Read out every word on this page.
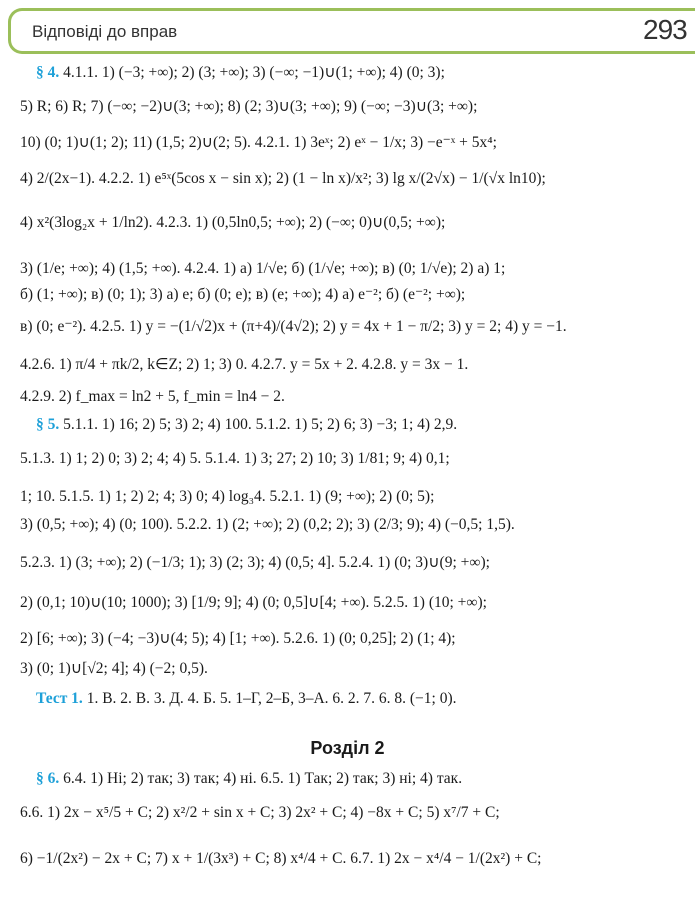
Відповіді до вправ	293
§ 4. 4.1.1. 1) (−3; +∞); 2) (3; +∞); 3) (−∞; −1)∪(1; +∞); 4) (0; 3);
5) R; 6) R; 7) (−∞; −2)∪(3; +∞); 8) (2; 3)∪(3; +∞); 9) (−∞; −3)∪(3; +∞);
10) (0; 1)∪(1; 2); 11) (1,5; 2)∪(2; 5). 4.2.1. 1) 3eˣ; 2) eˣ − 1/x; 3) −e⁻ˣ + 5x⁴;
4) 2/(2x−1). 4.2.2. 1) e⁵ˣ(5cos x − sin x); 2) (1 − ln x)/x²; 3) lg x/(2√x) − 1/(√x ln10);
4) x²(3log₂x + 1/ln2). 4.2.3. 1) (0,5ln0,5; +∞); 2) (−∞; 0)∪(0,5; +∞);
3) (1/e; +∞); 4) (1,5; +∞). 4.2.4. 1) а) 1/√e; б) (1/√e; +∞); в) (0; 1/√e); 2) а) 1;
б) (1; +∞); в) (0; 1); 3) а) e; б) (0; e); в) (e; +∞); 4) а) e⁻²; б) (e⁻²; +∞);
в) (0; e⁻²). 4.2.5. 1) y = −(1/√2)x + (π+4)/(4√2); 2) y = 4x + 1 − π/2; 3) y = 2; 4) y = −1.
4.2.6. 1) π/4 + πk/2, k∈Z; 2) 1; 3) 0. 4.2.7. y = 5x + 2. 4.2.8. y = 3x − 1.
4.2.9. 2) f_max = ln2 + 5, f_min = ln4 − 2.
§ 5. 5.1.1. 1) 16; 2) 5; 3) 2; 4) 100. 5.1.2. 1) 5; 2) 6; 3) −3; 1; 4) 2,9.
5.1.3. 1) 1; 2) 0; 3) 2; 4; 4) 5. 5.1.4. 1) 3; 27; 2) 10; 3) 1/81; 9; 4) 0,1;
1; 10. 5.1.5. 1) 1; 2) 2; 4; 3) 0; 4) log₃4. 5.2.1. 1) (9; +∞); 2) (0; 5);
3) (0,5; +∞); 4) (0; 100). 5.2.2. 1) (2; +∞); 2) (0,2; 2); 3) (2/3; 9); 4) (−0,5; 1,5).
5.2.3. 1) (3; +∞); 2) (−1/3; 1); 3) (2; 3); 4) (0,5; 4]. 5.2.4. 1) (0; 3)∪(9; +∞);
2) (0,1; 10)∪(10; 1000); 3) [1/9; 9]; 4) (0; 0,5]∪[4; +∞). 5.2.5. 1) (10; +∞);
2) [6; +∞); 3) (−4; −3)∪(4; 5); 4) [1; +∞). 5.2.6. 1) (0; 0,25]; 2) (1; 4);
3) (0; 1)∪[√2; 4]; 4) (−2; 0,5).
Тест 1. 1. В. 2. В. 3. Д. 4. Б. 5. 1–Г, 2–Б, 3–А. 6. 2. 7. 6. 8. (−1; 0).
Розділ 2
§ 6. 6.4. 1) Ні; 2) так; 3) так; 4) ні. 6.5. 1) Так; 2) так; 3) ні; 4) так.
6.6. 1) 2x − x⁵/5 + C; 2) x²/2 + sin x + C; 3) 2x² + C; 4) −8x + C; 5) x⁷/7 + C;
6) −1/(2x²) − 2x + C; 7) x + 1/(3x³) + C; 8) x⁴/4 + C. 6.7. 1) 2x − x⁴/4 − 1/(2x²) + C;
